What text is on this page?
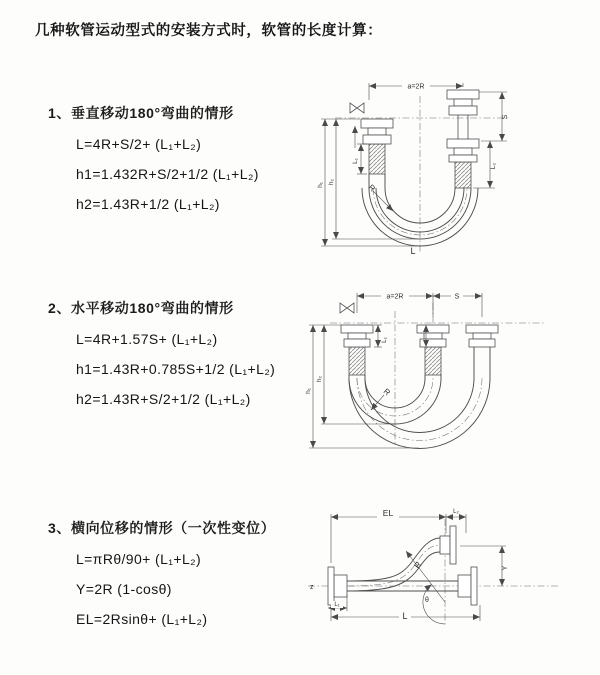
几种软管运动型式的安装方式时，软管的长度计算：
1、垂直移动180°弯曲的情形
L=4R+S/2+ (L₁+L₂)
h1=1.432R+S/2+1/2 (L₁+L₂)
h2=1.43R+1/2 (L₁+L₂)
a=2R
S
L₂
h₁ h₂
L₁
R
L
2、水平移动180°弯曲的情形
L=4R+1.57S+ (L₁+L₂)
h1=1.43R+0.785S+1/2 (L₁+L₂)
h2=1.43R+S/2+1/2 (L₁+L₂)
a=2R	S
h₁
h₂
L₁
R
3、横向位移的情形（一次性变位）
L=πRθ/90+ (L₁+L₂)
Y=2R (1-cosθ)
EL=2Rsinθ+ (L₁+L₂)
EL	L₂
Y
R
θ
L
L₁
z
